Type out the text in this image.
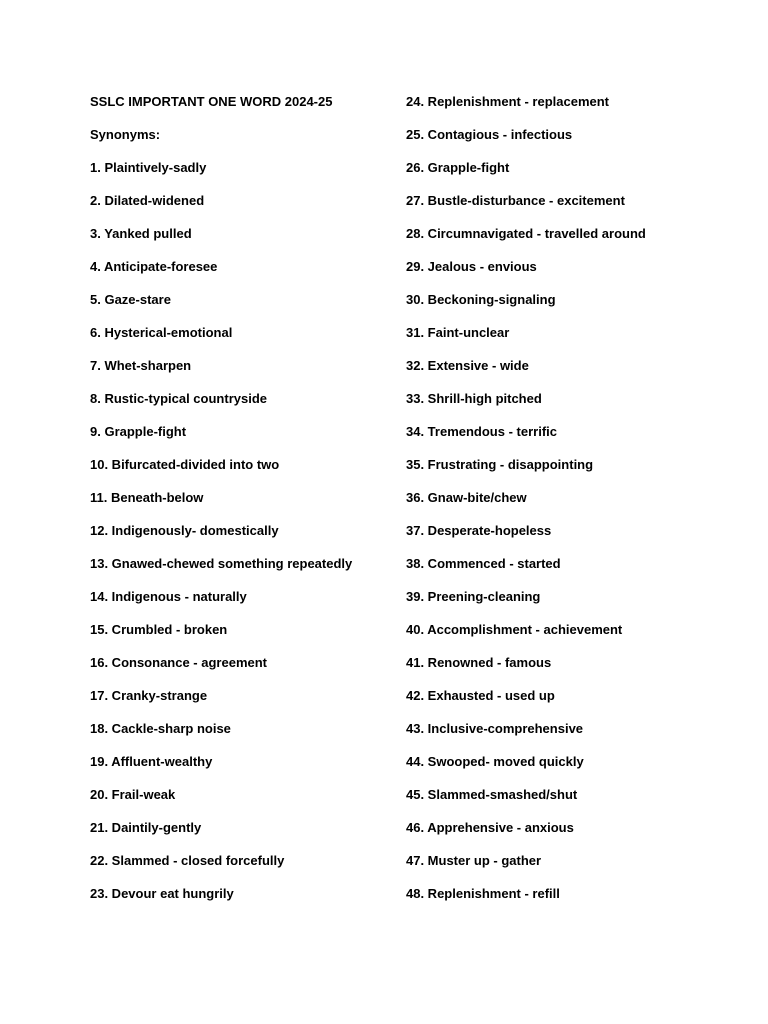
SSLC IMPORTANT ONE WORD 2024-25
Synonyms:
1. Plaintively-sadly
2. Dilated-widened
3. Yanked pulled
4. Anticipate-foresee
5. Gaze-stare
6. Hysterical-emotional
7. Whet-sharpen
8. Rustic-typical countryside
9. Grapple-fight
10. Bifurcated-divided into two
11. Beneath-below
12. Indigenously- domestically
13. Gnawed-chewed something repeatedly
14. Indigenous - naturally
15. Crumbled - broken
16. Consonance - agreement
17. Cranky-strange
18. Cackle-sharp noise
19. Affluent-wealthy
20. Frail-weak
21. Daintily-gently
22. Slammed - closed forcefully
23. Devour eat hungrily
24. Replenishment - replacement
25. Contagious - infectious
26. Grapple-fight
27. Bustle-disturbance - excitement
28. Circumnavigated - travelled around
29. Jealous - envious
30. Beckoning-signaling
31. Faint-unclear
32. Extensive - wide
33. Shrill-high pitched
34. Tremendous - terrific
35. Frustrating - disappointing
36. Gnaw-bite/chew
37. Desperate-hopeless
38. Commenced - started
39. Preening-cleaning
40. Accomplishment - achievement
41. Renowned - famous
42. Exhausted - used up
43. Inclusive-comprehensive
44. Swooped- moved quickly
45. Slammed-smashed/shut
46. Apprehensive - anxious
47. Muster up - gather
48. Replenishment - refill
